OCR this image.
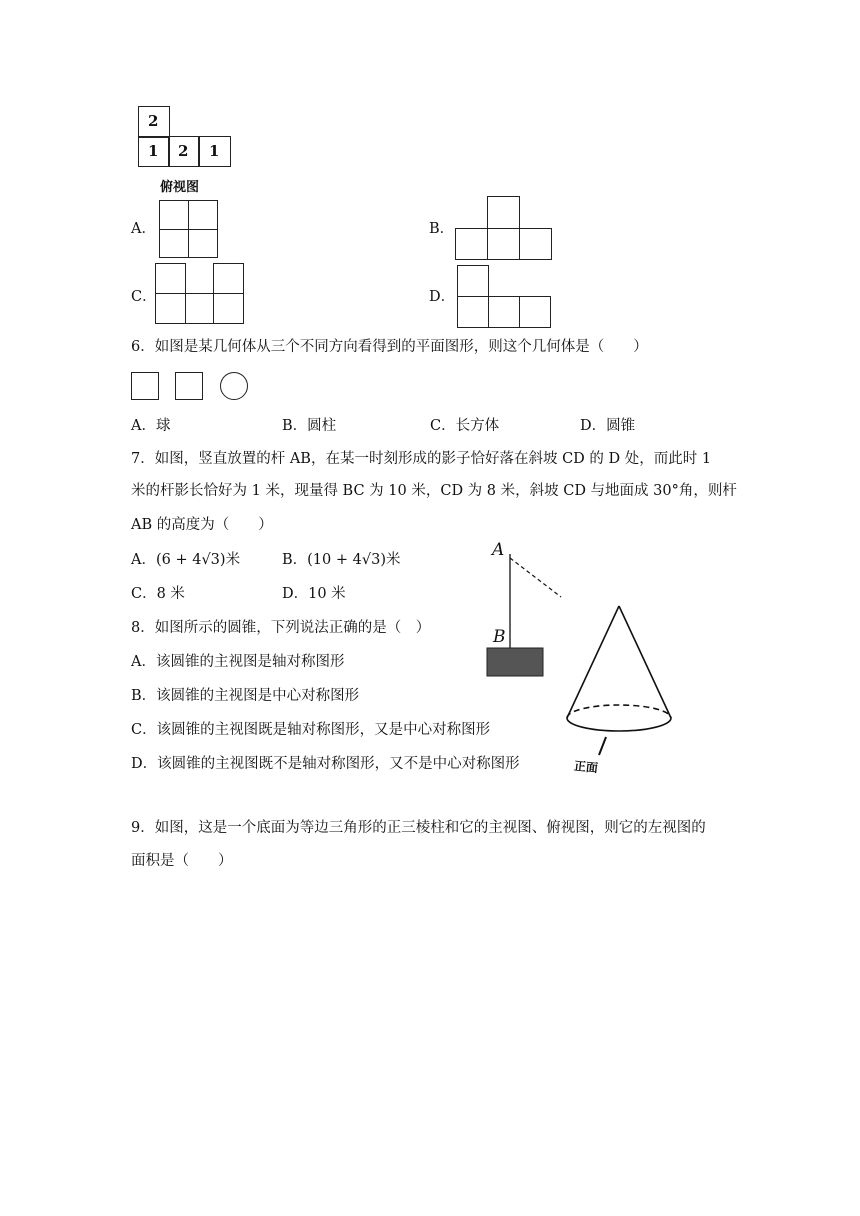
2
1 2 1
俯视图
A．	B．
C．	D．
6．如图是某几何体从三个不同方向看得到的平面图形，则这个几何体是（　　）
A．球	B．圆柱	C．长方体	D．圆锥
7．如图，竖直放置的杆 AB，在某一时刻形成的影子恰好落在斜坡 CD 的 D 处，而此时 1
米的杆影长恰好为 1 米，现量得 BC 为 10 米，CD 为 8 米，斜坡 CD 与地面成 30°角，则杆
AB 的高度为（　　）
A．(6 + 4√3)米	B．(10 + 4√3)米
C．8 米	D．10 米
A
B
8．如图所示的圆锥，下列说法正确的是（　）
A．该圆锥的主视图是轴对称图形
B．该圆锥的主视图是中心对称图形
C．该圆锥的主视图既是轴对称图形，又是中心对称图形
D．该圆锥的主视图既不是轴对称图形，又不是中心对称图形	正面
9．如图，这是一个底面为等边三角形的正三棱柱和它的主视图、俯视图，则它的左视图的
面积是（　　）
